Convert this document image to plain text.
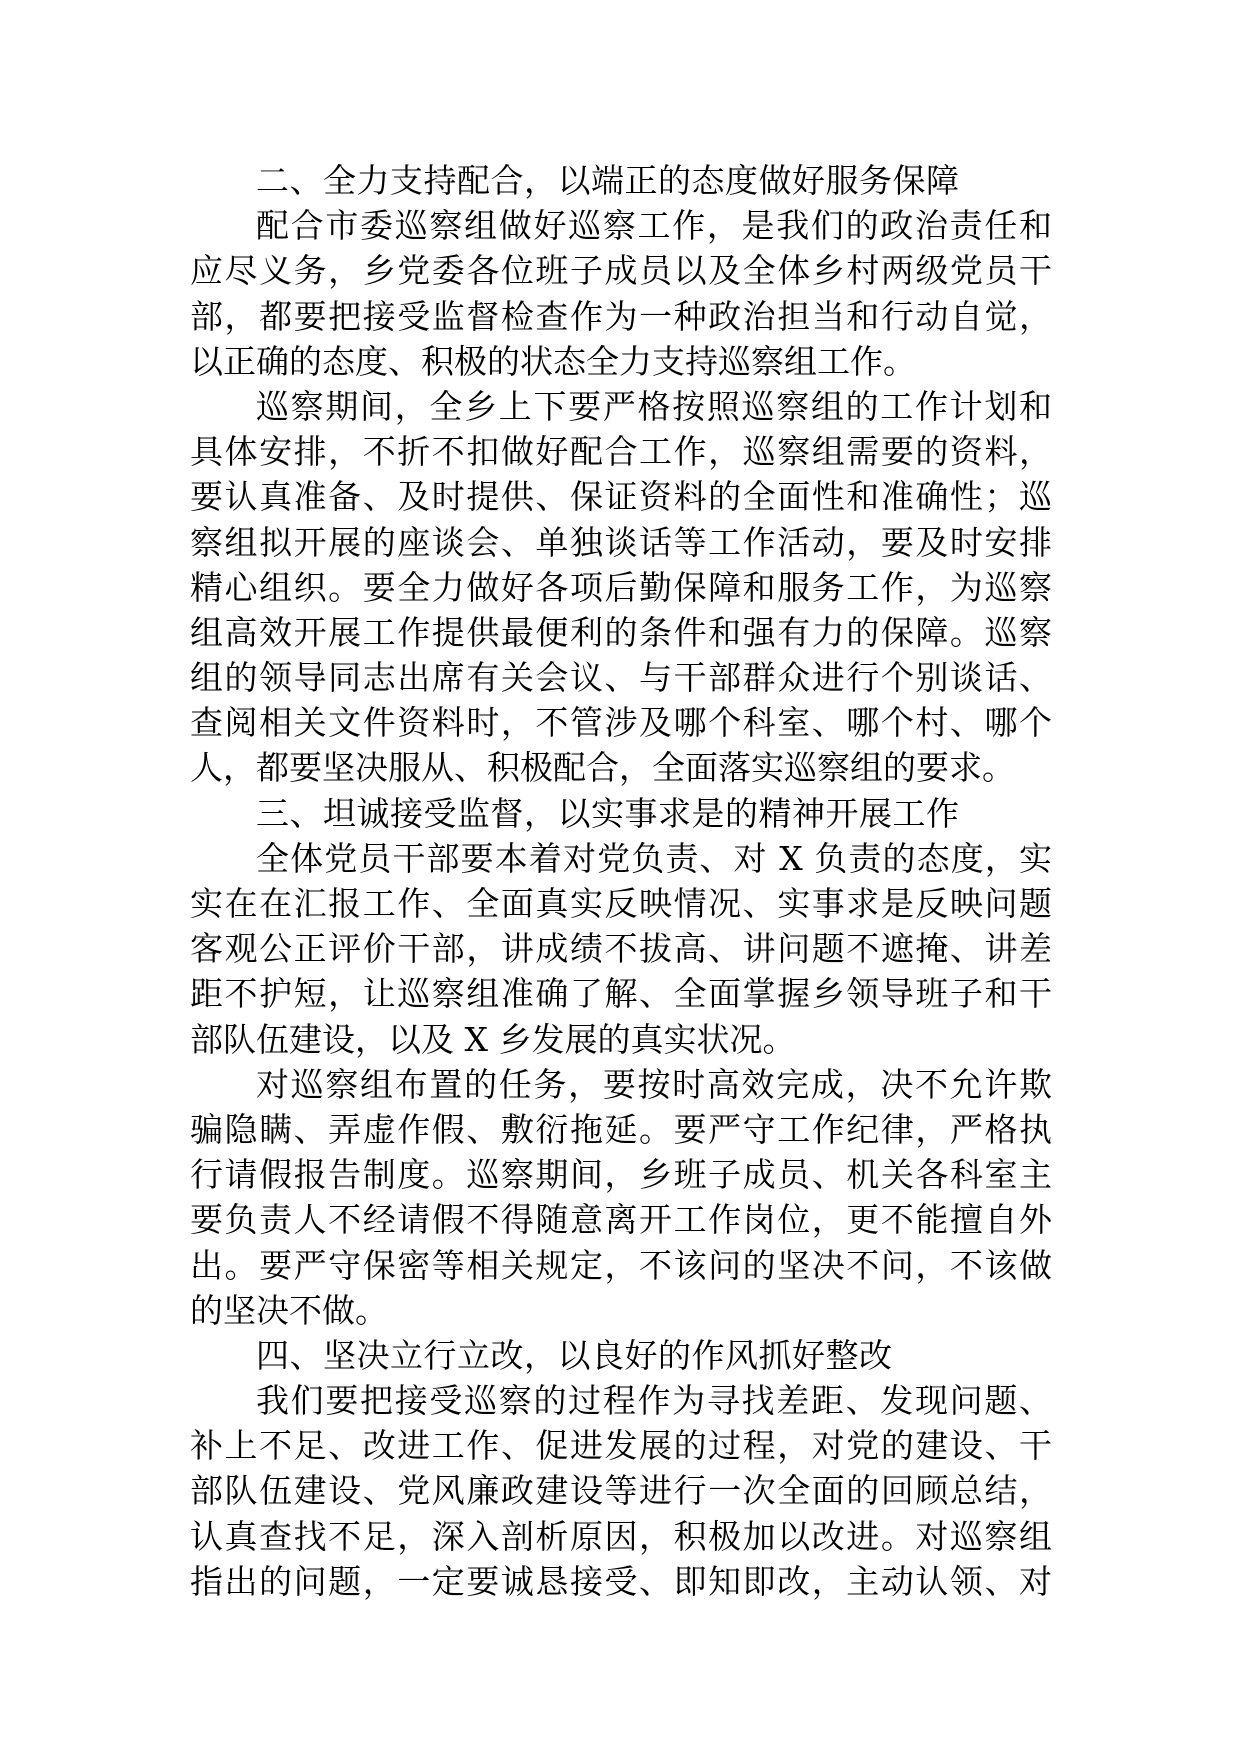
二、全力支持配合，以端正的态度做好服务保障
配合市委巡察组做好巡察工作，是我们的政治责任和
应尽义务，乡党委各位班子成员以及全体乡村两级党员干
部，都要把接受监督检查作为一种政治担当和行动自觉，
以正确的态度、积极的状态全力支持巡察组工作。
巡察期间，全乡上下要严格按照巡察组的工作计划和
具体安排，不折不扣做好配合工作，巡察组需要的资料，
要认真准备、及时提供、保证资料的全面性和准确性；巡
察组拟开展的座谈会、单独谈话等工作活动，要及时安排
精心组织。要全力做好各项后勤保障和服务工作，为巡察
组高效开展工作提供最便利的条件和强有力的保障。巡察
组的领导同志出席有关会议、与干部群众进行个别谈话、
查阅相关文件资料时，不管涉及哪个科室、哪个村、哪个
人，都要坚决服从、积极配合，全面落实巡察组的要求。
三、坦诚接受监督，以实事求是的精神开展工作
全体党员干部要本着对党负责、对 X 负责的态度，实
实在在汇报工作、全面真实反映情况、实事求是反映问题
客观公正评价干部，讲成绩不拔高、讲问题不遮掩、讲差
距不护短，让巡察组准确了解、全面掌握乡领导班子和干
部队伍建设，以及 X 乡发展的真实状况。
对巡察组布置的任务，要按时高效完成，决不允许欺
骗隐瞒、弄虚作假、敷衍拖延。要严守工作纪律，严格执
行请假报告制度。巡察期间，乡班子成员、机关各科室主
要负责人不经请假不得随意离开工作岗位，更不能擅自外
出。要严守保密等相关规定，不该问的坚决不问，不该做
的坚决不做。
四、坚决立行立改，以良好的作风抓好整改
我们要把接受巡察的过程作为寻找差距、发现问题、
补上不足、改进工作、促进发展的过程，对党的建设、干
部队伍建设、党风廉政建设等进行一次全面的回顾总结，
认真查找不足，深入剖析原因，积极加以改进。对巡察组
指出的问题，一定要诚恳接受、即知即改，主动认领、对
